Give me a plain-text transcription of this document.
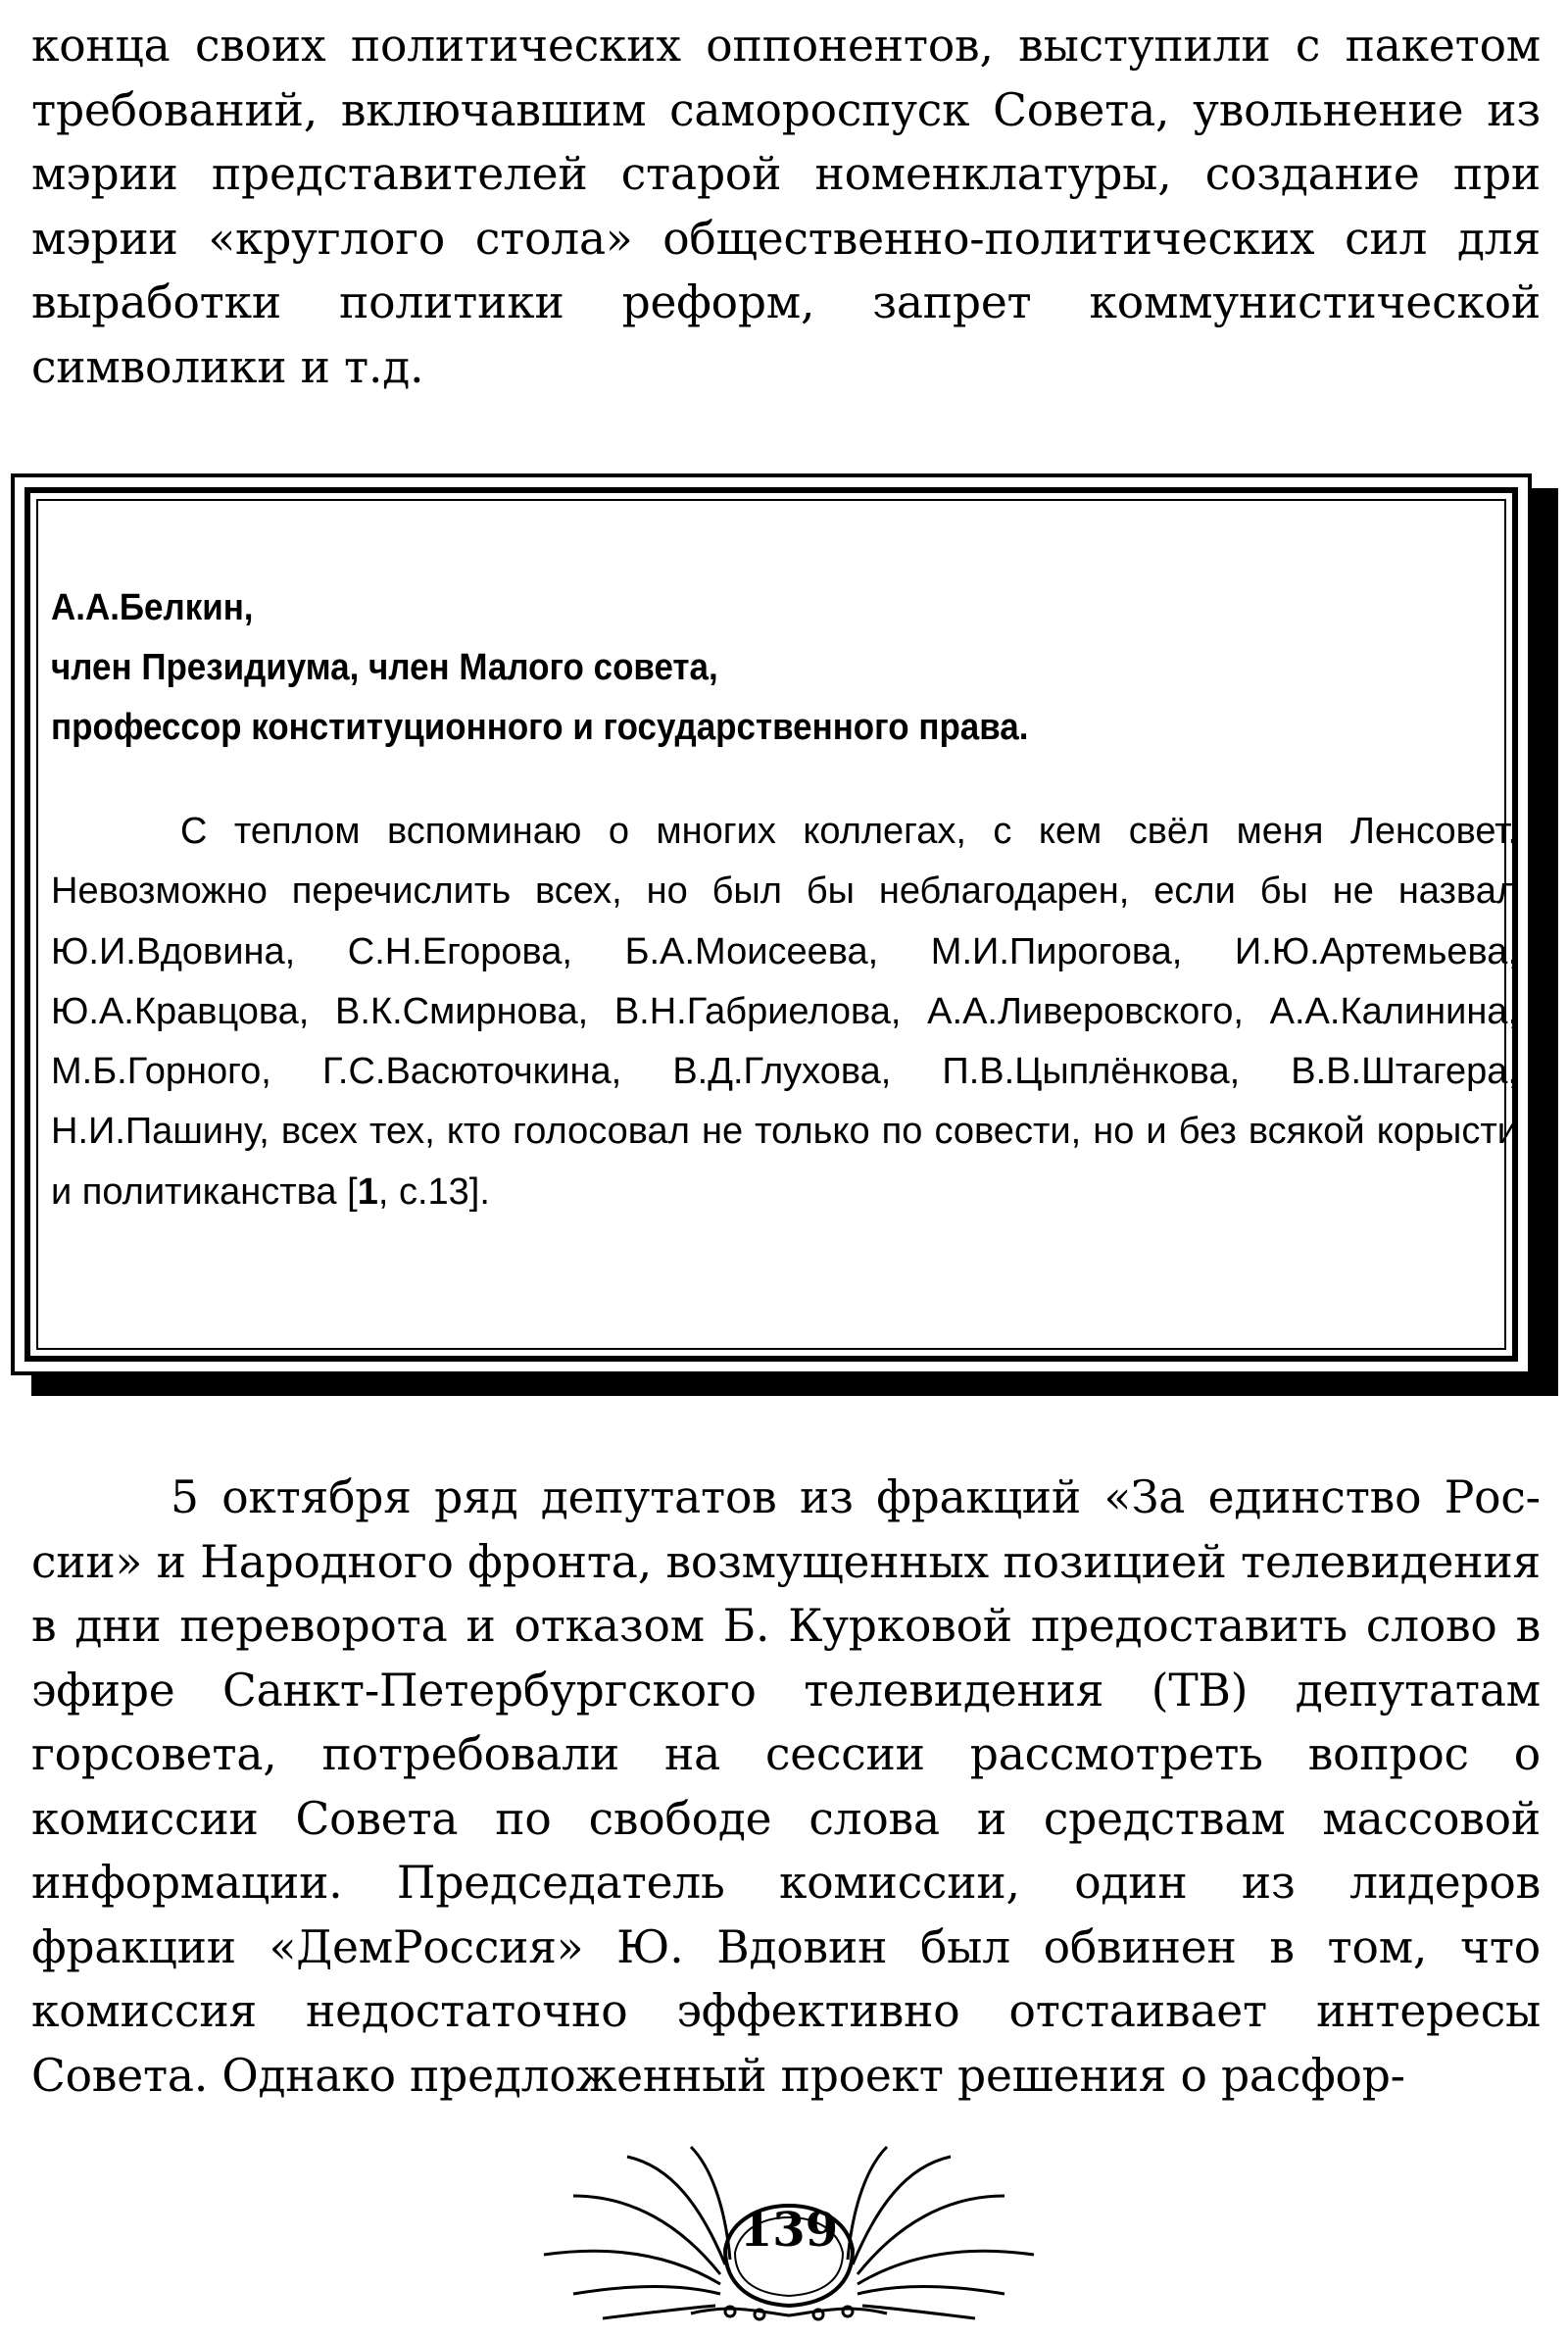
конца своих политических оппонентов, выступили с пакетом требований, включавшим самороспуск Совета, увольнение из мэрии представителей старой номенклатуры, создание при мэрии «круглого стола» общественно-политических сил для выработки политики реформ, запрет коммунистической символики и т.д.

А.А.Белкин,
член Президиума, член Малого совета,
профессор конституционного и государственного права.

С теплом вспоминаю о многих коллегах, с кем свёл меня Ленсовет. Невозможно перечислить всех, но был бы неблагодарен, если бы не назвал Ю.И.Вдовина, С.Н.Егорова, Б.А.Моисеева, М.И.Пирогова, И.Ю.Артемьева, Ю.А.Кравцова, В.К.Смирнова, В.Н.Габриелова, А.А.Ливеровского, А.А.Калинина, М.Б.Горного, Г.С.Васюточкина, В.Д.Глухова, П.В.Цыплёнкова, В.В.Штагера, Н.И.Пашину, всех тех, кто голосовал не только по совести, но и без всякой корысти и политиканства [1, с.13].

5 октября ряд депутатов из фракций «За единство России» и Народного фронта, возмущенных позицией телевидения в дни переворота и отказом Б. Курковой предоставить слово в эфире Санкт-Петербургского телевидения (ТВ) депутатам горсовета, потребовали на сессии рассмотреть вопрос о комиссии Совета по свободе слова и средствам массовой информации. Председатель комиссии, один из лидеров фракции «ДемРоссия» Ю. Вдовин был обвинен в том, что комиссия недостаточно эффективно отстаивает интересы Совета. Однако предложенный проект решения о расфор-

139
